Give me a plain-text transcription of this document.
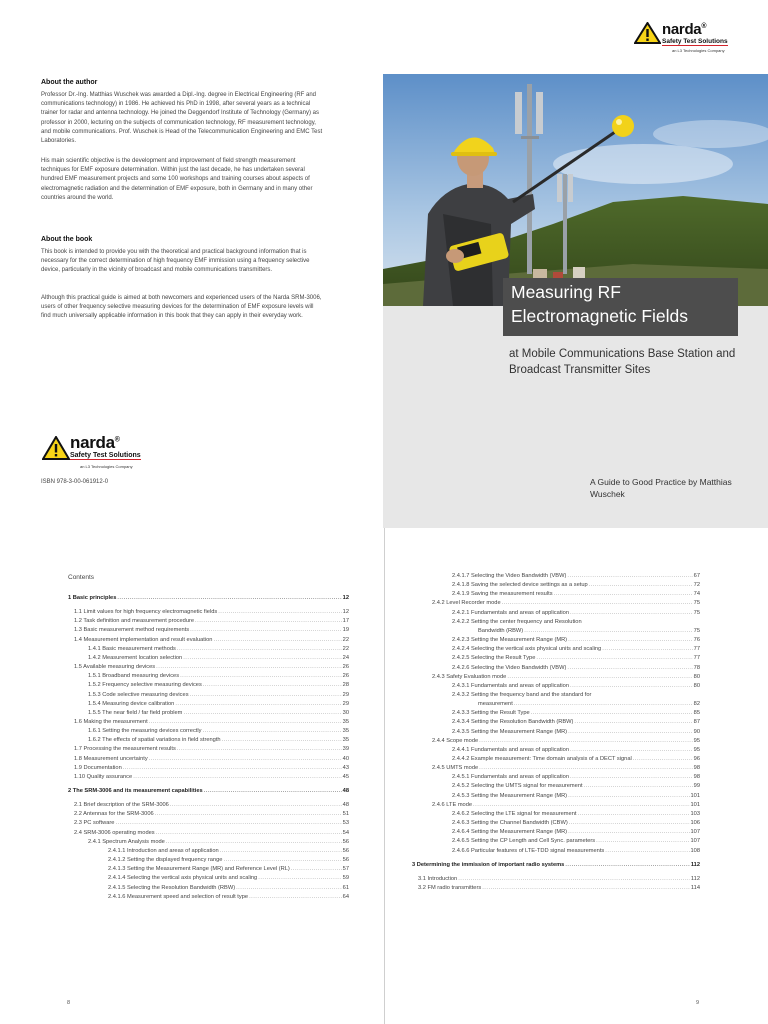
narda®
Safety Test Solutions
an L3 Technologies Company
About the author
Professor Dr.-Ing. Matthias Wuschek was awarded a Dipl.-Ing. degree in Electrical Engineering (RF and communications technology) in 1986. He achieved his PhD in 1998, after several years as a technical trainer for radar and antenna technology. He joined the Deggendorf Institute of Technology (Germany) as professor in 2000, lecturing on the subjects of communication technology, RF measurement technology, and mobile communications. Prof. Wuschek is Head of the Telecommunication Engineering and EMC Test Laboratories.
His main scientific objective is the development and improvement of field strength measurement techniques for EMF exposure determination. Within just the last decade, he has undertaken several hundred EMF measurement projects and some 100 workshops and training courses about aspects of electromagnetic radiation and the determination of EMF exposure, both in Germany and in many other countries around the world.
About the book
This book is intended to provide you with the theoretical and practical background information that is necessary for the correct determination of high frequency EMF immission using a frequency selective device, particularly in the vicinity of broadcast and mobile communications transmitters.
Although this practical guide is aimed at both newcomers and experienced users of the Narda SRM-3006, users of other frequency selective measuring devices for the determination of EMF exposure levels will find much universally applicable information in this book that they can apply in their everyday work.
narda®
Safety Test Solutions
an L3 Technologies Company
ISBN 978-3-00-061912-0
Measuring RF
Electromagnetic Fields
at Mobile Communications Base Station and Broadcast Transmitter Sites
A Guide to Good Practice by Matthias Wuschek
Contents
1 Basic principles .....	12
1.1 Limit values for high frequency electromagnetic fields .....	12
1.2 Task definition and measurement procedure .....	17
1.3 Basic measurement method requirements .....	19
1.4 Measurement implementation and result evaluation .....	22
1.4.1 Basic measurement methods .....	22
1.4.2 Measurement location selection .....	24
1.5 Available measuring devices .....	26
1.5.1 Broadband measuring devices .....	26
1.5.2 Frequency selective measuring devices .....	28
1.5.3 Code selective measuring devices .....	29
1.5.4 Measuring device calibration .....	29
1.5.5 The near field / far field problem .....	30
1.6 Making the measurement .....	35
1.6.1 Setting the measuring devices correctly .....	35
1.6.2 The effects of spatial variations in field strength .....	35
1.7 Processing the measurement results .....	39
1.8 Measurement uncertainty .....	40
1.9 Documentation .....	43
1.10 Quality assurance .....	45
2 The SRM-3006 and its measurement capabilities .....	48
2.1 Brief description of the SRM-3006 .....	48
2.2 Antennas for the SRM-3006 .....	51
2.3 PC software .....	53
2.4 SRM-3006 operating modes .....	54
2.4.1 Spectrum Analysis mode .....	56
2.4.1.1 Introduction and areas of application .....	56
2.4.1.2 Setting the displayed frequency range .....	56
2.4.1.3 Setting the Measurement Range (MR) and Reference Level (RL) .....	57
2.4.1.4 Selecting the vertical axis physical units and scaling .....	59
2.4.1.5 Selecting the Resolution Bandwidth (RBW) .....	61
2.4.1.6 Measurement speed and selection of result type .....	64
2.4.1.7 Selecting the Video Bandwidth (VBW) .....	67
2.4.1.8 Saving the selected device settings as a setup .....	72
2.4.1.9 Saving the measurement results .....	74
2.4.2 Level Recorder mode .....	75
2.4.2.1 Fundamentals and areas of application .....	75
2.4.2.2 Setting the center frequency and Resolution
Bandwidth (RBW) .....	75
2.4.2.3 Setting the Measurement Range (MR) .....	76
2.4.2.4 Selecting the vertical axis physical units and scaling .....	77
2.4.2.5 Selecting the Result Type .....	77
2.4.2.6 Selecting the Video Bandwidth (VBW) .....	78
2.4.3 Safety Evaluation mode .....	80
2.4.3.1 Fundamentals and areas of application .....	80
2.4.3.2 Setting the frequency band and the standard for
measurement .....	82
2.4.3.3 Setting the Result Type .....	85
2.4.3.4 Setting the Resolution Bandwidth (RBW) .....	87
2.4.3.5 Setting the Measurement Range (MR) .....	90
2.4.4 Scope mode .....	95
2.4.4.1 Fundamentals and areas of application .....	95
2.4.4.2 Example measurement: Time domain analysis of a DECT signal .....	96
2.4.5 UMTS mode .....	98
2.4.5.1 Fundamentals and areas of application .....	98
2.4.5.2 Selecting the UMTS signal for measurement .....	99
2.4.5.3 Setting the Measurement Range (MR) .....	101
2.4.6 LTE mode .....	101
2.4.6.2 Selecting the LTE signal for measurement .....	103
2.4.6.3 Setting the Channel Bandwidth (CBW) .....	106
2.4.6.4 Setting the Measurement Range (MR) .....	107
2.4.6.5 Setting the CP Length and Cell Sync. parameters .....	107
2.4.6.6 Particular features of LTE-TDD signal measurements .....	108
3 Determining the immission of important radio systems .....	112
3.1 Introduction .....	112
3.2 FM radio transmitters .....	114
8	9
